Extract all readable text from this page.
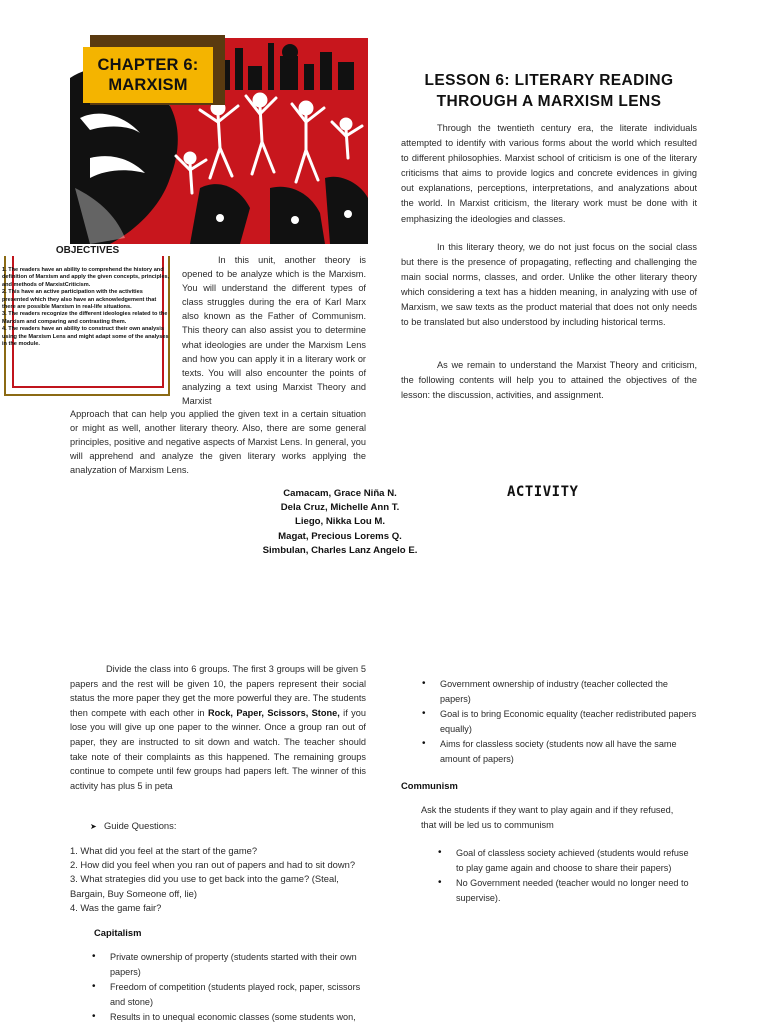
CHAPTER 6:
MARXISM
OBJECTIVES

1. The readers have an ability to comprehend the history and definition of Marxism and apply the given concepts, principles, and methods of MarxistCriticism.

2. This have an active participation with the activities presented which they also have an acknowledgement that there are possible Marxism in real-life situations.

3. The readers recognize the different ideologies related to the Marxism and comparing and contrasting them.

4. The readers have an ability to construct their own analysis using the Marxism Lens and might adapt some of the analyses in the module.

In this unit, another theory is opened to be analyze which is the Marxism. You will understand the different types of class struggles during the era of Karl Marx also known as the Father of Communism. This theory can also assist you to determine what ideologies are under the Marxism Lens and how you can apply it in a literary work or texts. You will also encounter the points of analyzing a text using Marxist Theory and Marxist

Approach that can help you applied the given text in a certain situation or might as well, another literary theory. Also, there are some general principles, positive and negative aspects of Marxist Lens. In general, you will apprehend and analyze the given literary works applying the analyzation of Marxism Lens.
Camacam, Grace Niña N.
Dela Cruz, Michelle Ann T.
Liego, Nikka Lou M.
Magat, Precious Lorems Q.
Simbulan, Charles Lanz Angelo E.
LESSON 6: LITERARY READING
THROUGH A MARXISM LENS

Through the twentieth century era, the literate individuals attempted to identify with various forms about the world which resulted to different philosophies. Marxist school of criticism is one of the literary criticisms that aims to provide logics and concrete evidences in giving out explanations, perceptions, interpretations, and analyzations about the world. In Marxist criticism, the literary work must be done with it emphasizing the ideologies and classes.

In this literary theory, we do not just focus on the social class but there is the presence of propagating, reflecting and challenging the main social norms, classes, and order. Unlike the other literary theory which considering a text has a hidden meaning, in analyzing with use of Marxism, we saw texts as the product material that does not only needs to be translated but also understood by including historical terms.

As we remain to understand the Marxist Theory and criticism, the following contents will help you to attained the objectives of the lesson: the discussion, activities, and assignment.

ACTIVITY
Divide the class into 6 groups. The first 3 groups will be given 5 papers and the rest will be given 10, the papers represent their social status the more paper they get the more powerful they are. The students then compete with each other in Rock, Paper, Scissors, Stone, if you lose you will give up one paper to the winner. Once a group ran out of paper, they are instructed to sit down and watch. The teacher should take note of their complaints as this happened. The remaining groups continue to compete until few groups had papers left. The winner of this activity has plus 5 in peta
➤ Guide Questions:
1. What did you feel at the start of the game?
2. How did you feel when you ran out of papers and had to sit down?
3. What strategies did you use to get back into the game? (Steal, Bargain, Buy Someone off, lie)
4. Was the game fair?
Capitalism
• Private ownership of property (students started with their own papers)
• Freedom of competition (students played rock, paper, scissors and stone)
• Results in to unequal economic classes (some students won,
• Government ownership of industry (teacher collected the papers)
• Goal is to bring Economic equality (teacher redistributed papers equally)
• Aims for classless society (students now all have the same amount of papers)
Communism
Ask the students if they want to play again and if they refused, that will be led us to communism
• Goal of classless society achieved (students would refuse to play game again and choose to share their papers)
• No Government needed (teacher would no longer need to supervise).
